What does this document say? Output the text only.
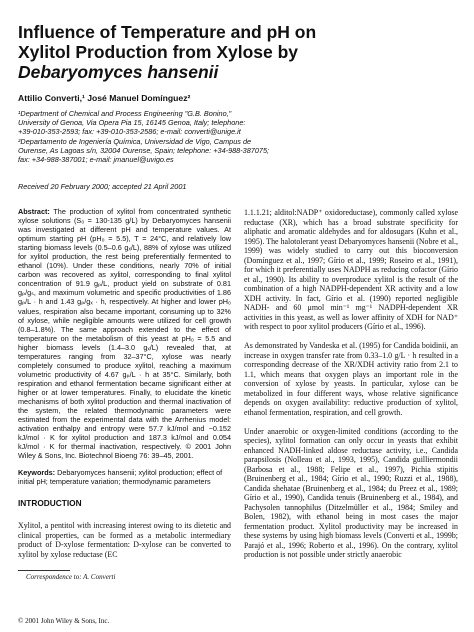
Influence of Temperature and pH on
Xylitol Production from Xylose by
Debaryomyces hansenii
Attilio Converti,¹ José Manuel Domínguez²
¹Department of Chemical and Process Engineering "G.B. Bonino,"
University of Genoa, Via Opera Pia 15, 16145 Genoa, Italy; telephone:
+39-010-353-2593; fax: +39-010-353-2586; e-mail: converti@unige.it
²Departamento de Ingeniería Química, Universidad de Vigo, Campus de
Ourense, As Lagoas s/n, 32004 Ourense, Spain; telephone: +34-988-387075;
fax: +34-988-387001; e-mail: jmanuel@uvigo.es
Received 20 February 2000; accepted 21 April 2001
Abstract: The production of xylitol from concentrated synthetic xylose solutions (S₀ = 130-135 g/L) by Debaryomyces hansenii was investigated at different pH and temperature values. At optimum starting pH (pH₀ = 5.5), T = 24°C, and relatively low starting biomass levels (0.5–0.6 gₓ/L), 88% of xylose was utilized for xylitol production, the rest being preferentially fermented to ethanol (10%). Under these conditions, nearly 70% of initial carbon was recovered as xylitol, corresponding to final xylitol concentration of 91.9 gₚ/L, product yield on substrate of 0.81 gₚ/gₛ, and maximum volumetric and specific productivities of 1.86 gₚ/L · h and 1.43 gₚ/gₓ · h, respectively. At higher and lower pH₀ values, respiration also became important, consuming up to 32% of xylose, while negligible amounts were utilized for cell growth (0.8–1.8%). The same approach extended to the effect of temperature on the metabolism of this yeast at pH₀ = 5.5 and higher biomass levels (1.4–3.0 gₓ/L) revealed that, at temperatures ranging from 32–37°C, xylose was nearly completely consumed to produce xylitol, reaching a maximum volumetric productivity of 4.67 gₚ/L · h at 35°C. Similarly, both respiration and ethanol fermentation became significant either at higher or at lower temperatures. Finally, to elucidate the kinetic mechanisms of both xylitol production and thermal inactivation of the system, the related thermodynamic parameters were estimated from the experimental data with the Arrhenius model: activation enthalpy and entropy were 57.7 kJ/mol and −0.152 kJ/mol · K for xylitol production and 187.3 kJ/mol and 0.054 kJ/mol · K for thermal inactivation, respectively. © 2001 John Wiley & Sons, Inc. Biotechnol Bioeng 76: 39–45, 2001.
Keywords: Debaryomyces hansenii; xylitol production; effect of initial pH; temperature variation; thermodynamic parameters
INTRODUCTION

Xylitol, a pentitol with increasing interest owing to its dietetic and clinical properties, can be formed as a metabolic intermediary product of D-xylose fermentation: D-xylose can be converted to xylitol by xylose reductase (EC

Correspondence to: A. Converti
© 2001 John Wiley & Sons, Inc.

1.1.1.21; alditol:NADP⁺ oxidoreductase), commonly called xylose reductase (XR), which has a broad substrate specificity for aliphatic and aromatic aldehydes and for aldosugars (Kuhn et al., 1995). The halotolerant yeast Debaryomyces hansenii (Nobre et al., 1999) was widely studied to carry out this bioconversion (Domínguez et al., 1997; Gírio et al., 1999; Roseiro et al., 1991), for which it preferentially uses NADPH as reducing cofactor (Gírio et al., 1990). Its ability to overproduce xylitol is the result of the combination of a high NADPH-dependent XR activity and a low XDH activity. In fact, Gírio et al. (1990) reported negligible NADH- and 60 μmol min⁻¹ mg⁻¹ NADPH-dependent XR activities in this yeast, as well as lower affinity of XDH for NAD⁺ with respect to poor xylitol producers (Gírio et al., 1996).

As demonstrated by Vandeska et al. (1995) for Candida boidinii, an increase in oxygen transfer rate from 0.33–1.0 g/L · h resulted in a corresponding decrease of the XR/XDH activity ratio from 2.1 to 1.1, which means that oxygen plays an important role in the conversion of xylose by yeasts. In particular, xylose can be metabolized in four different ways, whose relative significance depends on oxygen availability: reductive production of xylitol, ethanol fermentation, respiration, and cell growth.

Under anaerobic or oxygen-limited conditions (according to the species), xylitol formation can only occur in yeasts that exhibit enhanced NADH-linked aldose reductase activity, i.e., Candida parapsilosis (Nolleau et al., 1993, 1995), Candida guilliermondii (Barbosa et al., 1988; Felipe et al., 1997), Pichia stipitis (Bruinenberg et al., 1984; Gírio et al., 1990; Ruzzi et al., 1988), Candida shehatae (Bruinenberg et al., 1984; du Preez et al., 1989; Gírio et al., 1990), Candida tenuis (Bruinenberg et al., 1984), and Pachysolen tannophilus (Ditzelmüller et al., 1984; Smiley and Bolen, 1982), with ethanol being in most cases the major fermentation product. Xylitol productivity may be increased in these systems by using high biomass levels (Converti et al., 1999b; Parajó et al., 1996; Roberto et al., 1996). On the contrary, xylitol production is not possible under strictly anaerobic
